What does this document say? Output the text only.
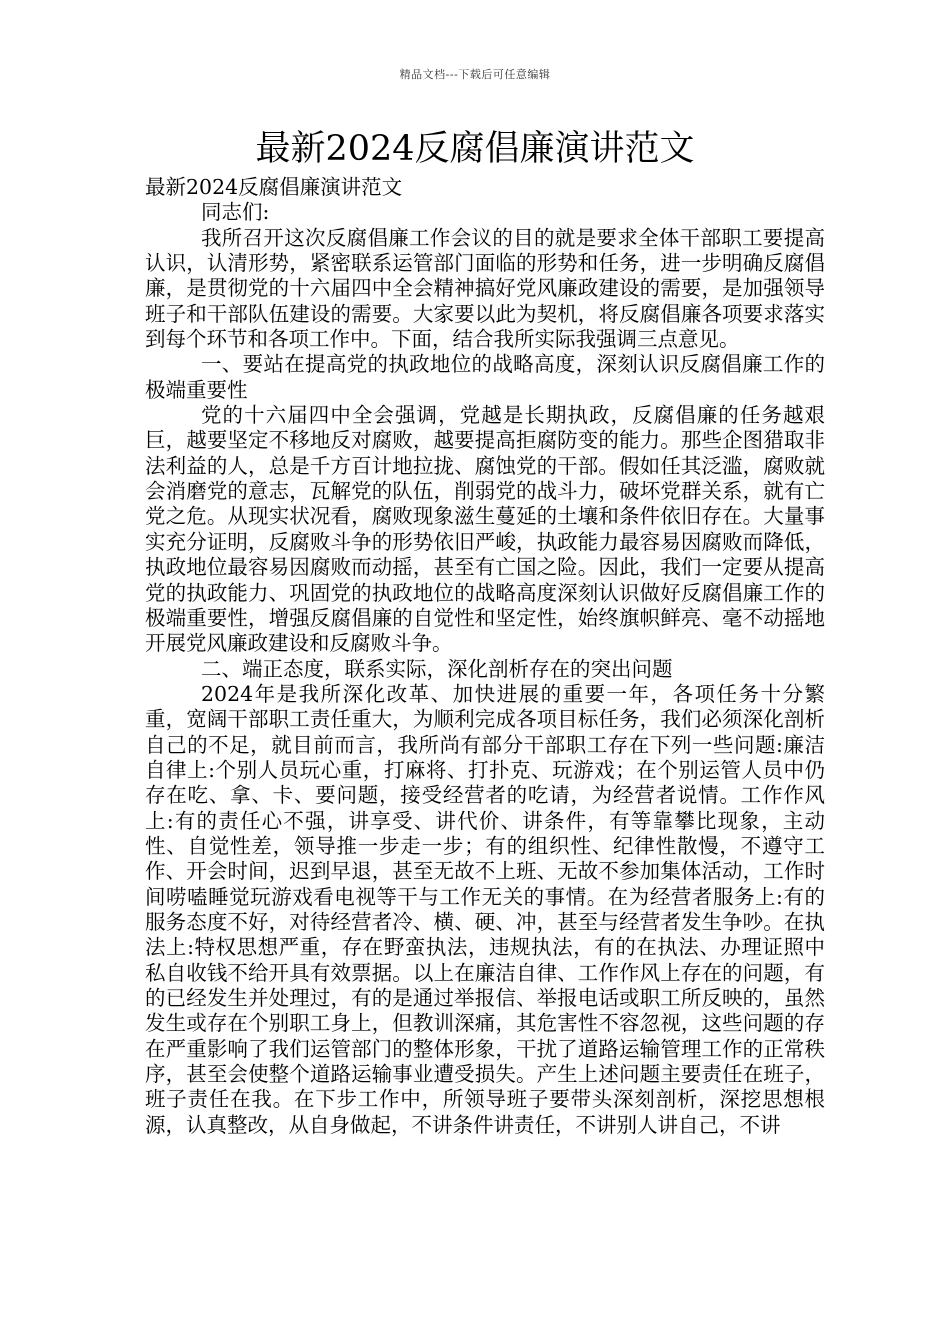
精品文档---下载后可任意编辑
最新2024反腐倡廉演讲范文

最新2024反腐倡廉演讲范文

同志们:

我所召开这次反腐倡廉工作会议的目的就是要求全体干部职工要提高认识，认清形势，紧密联系运管部门面临的形势和任务，进一步明确反腐倡廉，是贯彻党的十六届四中全会精神搞好党风廉政建设的需要，是加强领导班子和干部队伍建设的需要。大家要以此为契机，将反腐倡廉各项要求落实到每个环节和各项工作中。下面，结合我所实际我强调三点意见。

一、要站在提高党的执政地位的战略高度，深刻认识反腐倡廉工作的极端重要性

党的十六届四中全会强调，党越是长期执政，反腐倡廉的任务越艰巨，越要坚定不移地反对腐败，越要提高拒腐防变的能力。那些企图猎取非法利益的人，总是千方百计地拉拢、腐蚀党的干部。假如任其泛滥，腐败就会消磨党的意志，瓦解党的队伍，削弱党的战斗力，破坏党群关系，就有亡党之危。从现实状况看，腐败现象滋生蔓延的土壤和条件依旧存在。大量事实充分证明，反腐败斗争的形势依旧严峻，执政能力最容易因腐败而降低，执政地位最容易因腐败而动摇，甚至有亡国之险。因此，我们一定要从提高党的执政能力、巩固党的执政地位的战略高度深刻认识做好反腐倡廉工作的极端重要性，增强反腐倡廉的自觉性和坚定性，始终旗帜鲜亮、毫不动摇地开展党风廉政建设和反腐败斗争。

二、端正态度，联系实际，深化剖析存在的突出问题

2024年是我所深化改革、加快进展的重要一年，各项任务十分繁重，宽阔干部职工责任重大，为顺利完成各项目标任务，我们必须深化剖析自己的不足，就目前而言，我所尚有部分干部职工存在下列一些问题:廉洁自律上:个别人员玩心重，打麻将、打扑克、玩游戏；在个别运管人员中仍存在吃、拿、卡、要问题，接受经营者的吃请，为经营者说情。工作作风上:有的责任心不强，讲享受、讲代价、讲条件，有等靠攀比现象，主动性、自觉性差，领导推一步走一步；有的组织性、纪律性散慢，不遵守工作、开会时间，迟到早退，甚至无故不上班、无故不参加集体活动，工作时间唠嗑睡觉玩游戏看电视等干与工作无关的事情。在为经营者服务上:有的服务态度不好，对待经营者冷、横、硬、冲，甚至与经营者发生争吵。在执法上:特权思想严重，存在野蛮执法，违规执法，有的在执法、办理证照中私自收钱不给开具有效票据。以上在廉洁自律、工作作风上存在的问题，有的已经发生并处理过，有的是通过举报信、举报电话或职工所反映的，虽然发生或存在个别职工身上，但教训深痛，其危害性不容忽视，这些问题的存在严重影响了我们运管部门的整体形象，干扰了道路运输管理工作的正常秩序，甚至会使整个道路运输事业遭受损失。产生上述问题主要责任在班子，班子责任在我。在下步工作中，所领导班子要带头深刻剖析，深挖思想根源，认真整改，从自身做起，不讲条件讲责任，不讲别人讲自己，不讲
